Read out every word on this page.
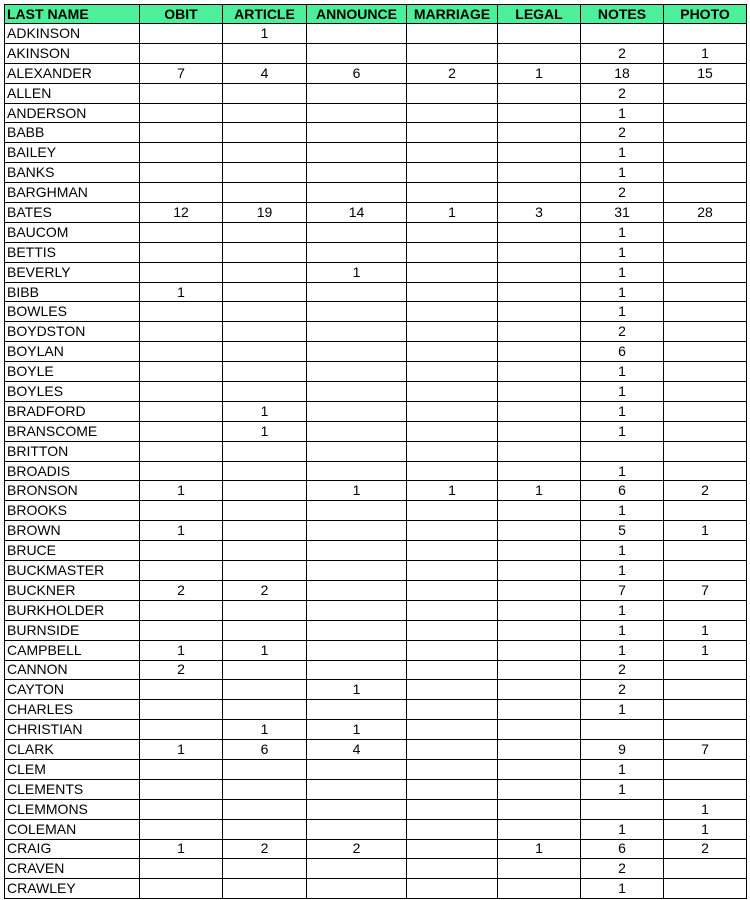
LAST NAME	OBIT	ARTICLE	ANNOUNCE	MARRIAGE	LEGAL	NOTES	PHOTO
ADKINSON		1					
AKINSON						2	1
ALEXANDER	7	4	6	2	1	18	15
ALLEN						2	
ANDERSON						1	
BABB						2	
BAILEY						1	
BANKS						1	
BARGHMAN						2	
BATES	12	19	14	1	3	31	28
BAUCOM						1	
BETTIS						1	
BEVERLY			1			1	
BIBB	1					1	
BOWLES						1	
BOYDSTON						2	
BOYLAN						6	
BOYLE						1	
BOYLES						1	
BRADFORD		1				1	
BRANSCOME		1				1	
BRITTON							
BROADIS						1	
BRONSON	1		1	1	1	6	2
BROOKS						1	
BROWN	1					5	1
BRUCE						1	
BUCKMASTER						1	
BUCKNER	2	2				7	7
BURKHOLDER						1	
BURNSIDE						1	1
CAMPBELL	1	1				1	1
CANNON	2					2	
CAYTON			1			2	
CHARLES						1	
CHRISTIAN		1	1				
CLARK	1	6	4			9	7
CLEM						1	
CLEMENTS						1	
CLEMMONS							1
COLEMAN						1	1
CRAIG	1	2	2		1	6	2
CRAVEN						2	
CRAWLEY						1	
